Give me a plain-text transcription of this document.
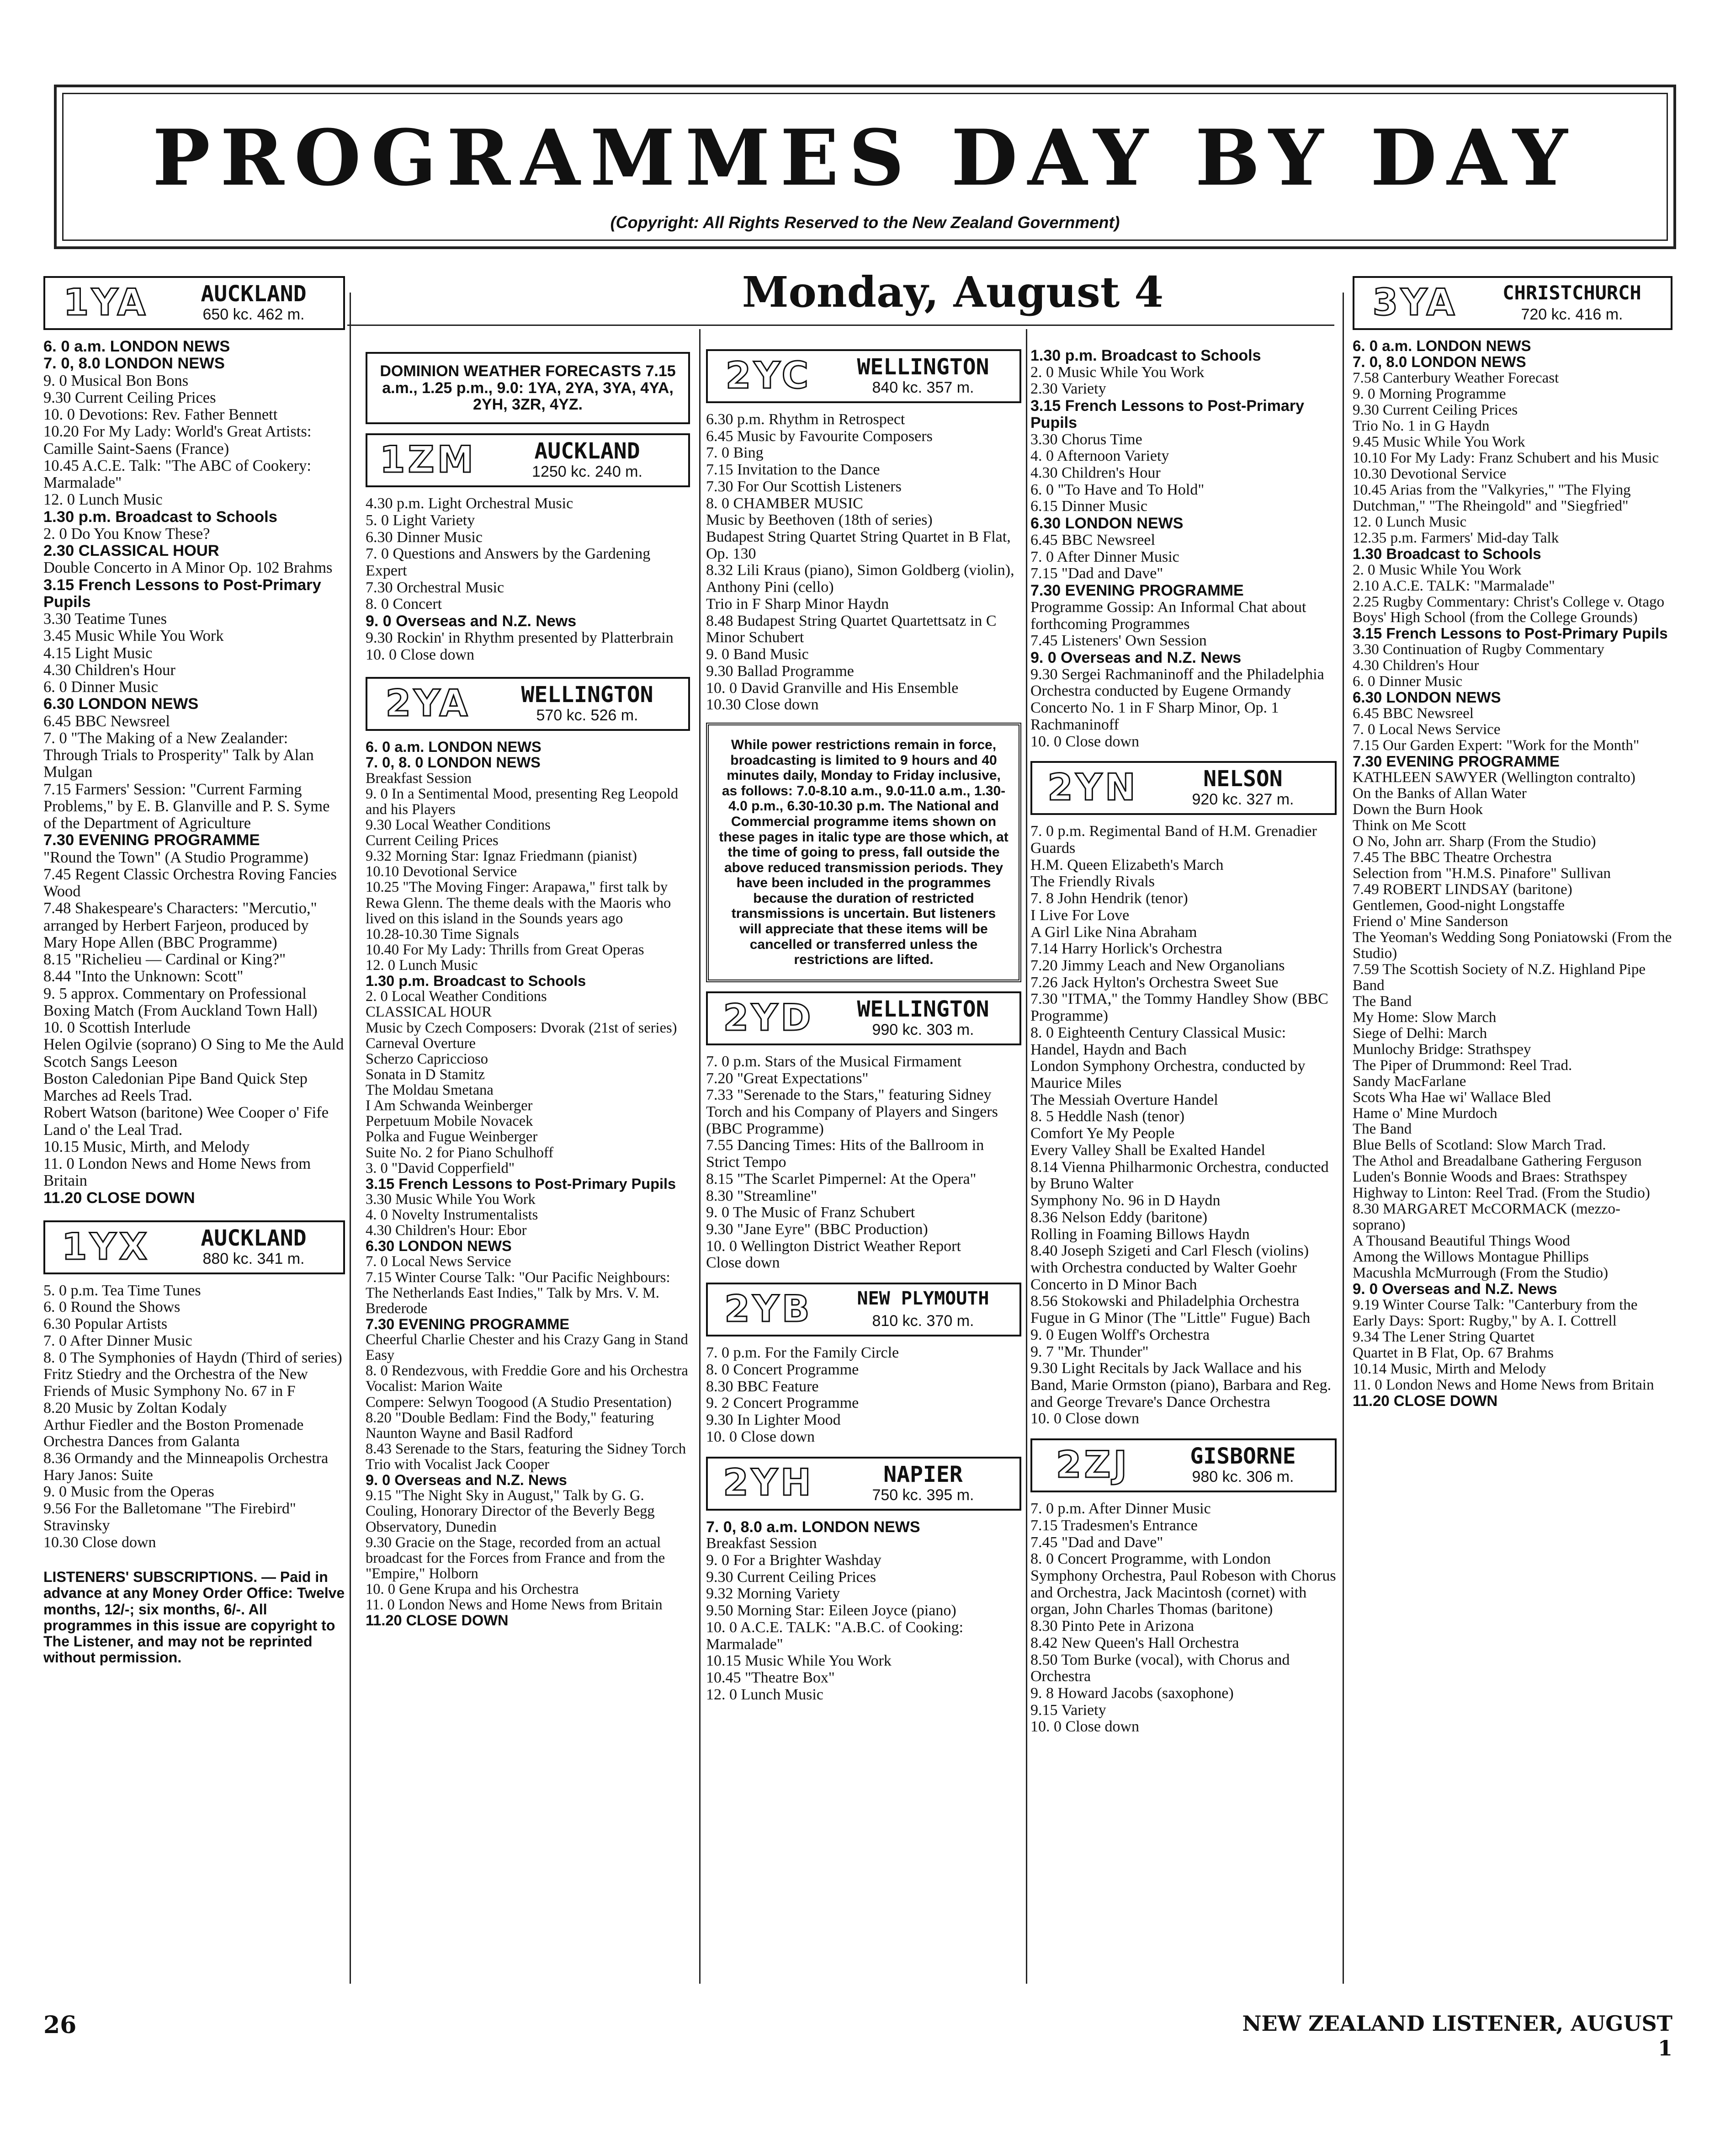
PROGRAMMES DAY BY DAY
(Copyright: All Rights Reserved to the New Zealand Government)
Monday, August 4
1YA	AUCKLAND
650 kc. 462 m.

6. 0 a.m. LONDON NEWS

7. 0, 8.0 LONDON NEWS

9. 0 Musical Bon Bons

9.30 Current Ceiling Prices

10. 0 Devotions: Rev. Father Bennett

10.20 For My Lady: World's Great Artists: Camille Saint-Saens (France)

10.45 A.C.E. Talk: "The ABC of Cookery: Marmalade"

12. 0 Lunch Music

1.30 p.m. Broadcast to Schools

2. 0 Do You Know These?

2.30 CLASSICAL HOUR

Double Concerto in A Minor Op. 102 Brahms

3.15 French Lessons to Post-Primary Pupils

3.30 Teatime Tunes

3.45 Music While You Work

4.15 Light Music

4.30 Children's Hour

6. 0 Dinner Music

6.30 LONDON NEWS

6.45 BBC Newsreel

7. 0 "The Making of a New Zealander: Through Trials to Prosperity" Talk by Alan Mulgan

7.15 Farmers' Session: "Current Farming Problems," by E. B. Glanville and P. S. Syme of the Department of Agriculture

7.30 EVENING PROGRAMME

"Round the Town" (A Studio Programme)

7.45 Regent Classic Orchestra Roving Fancies Wood

7.48 Shakespeare's Characters: "Mercutio," arranged by Herbert Farjeon, produced by Mary Hope Allen (BBC Programme)

8.15 "Richelieu — Cardinal or King?"

8.44 "Into the Unknown: Scott"

9. 5 approx. Commentary on Professional Boxing Match (From Auckland Town Hall)

10. 0 Scottish Interlude

Helen Ogilvie (soprano) O Sing to Me the Auld Scotch Sangs Leeson

Boston Caledonian Pipe Band Quick Step Marches ad Reels Trad.

Robert Watson (baritone) Wee Cooper o' Fife Land o' the Leal Trad.

10.15 Music, Mirth, and Melody

11. 0 London News and Home News from Britain

11.20 CLOSE DOWN

1YX	AUCKLAND
880 kc. 341 m.

5. 0 p.m. Tea Time Tunes

6. 0 Round the Shows

6.30 Popular Artists

7. 0 After Dinner Music

8. 0 The Symphonies of Haydn (Third of series)

Fritz Stiedry and the Orchestra of the New Friends of Music Symphony No. 67 in F

8.20 Music by Zoltan Kodaly

Arthur Fiedler and the Boston Promenade Orchestra Dances from Galanta

8.36 Ormandy and the Minneapolis Orchestra Hary Janos: Suite

9. 0 Music from the Operas

9.56 For the Balletomane "The Firebird" Stravinsky

10.30 Close down

LISTENERS' SUBSCRIPTIONS. — Paid in advance at any Money Order Office: Twelve months, 12/-; six months, 6/-. All programmes in this issue are copyright to The Listener, and may not be reprinted without permission.
DOMINION WEATHER FORECASTS 7.15 a.m., 1.25 p.m., 9.0: 1YA, 2YA, 3YA, 4YA, 2YH, 3ZR, 4YZ.
1ZM	AUCKLAND
1250 kc. 240 m.

4.30 p.m. Light Orchestral Music

5. 0 Light Variety

6.30 Dinner Music

7. 0 Questions and Answers by the Gardening Expert

7.30 Orchestral Music

8. 0 Concert

9. 0 Overseas and N.Z. News

9.30 Rockin' in Rhythm presented by Platterbrain

10. 0 Close down

2YA	WELLINGTON
570 kc. 526 m.

6. 0 a.m. LONDON NEWS

7. 0, 8. 0 LONDON NEWS

Breakfast Session

9. 0 In a Sentimental Mood, presenting Reg Leopold and his Players

9.30 Local Weather Conditions

Current Ceiling Prices

9.32 Morning Star: Ignaz Friedmann (pianist)

10.10 Devotional Service

10.25 "The Moving Finger: Arapawa," first talk by Rewa Glenn. The theme deals with the Maoris who lived on this island in the Sounds years ago

10.28-10.30 Time Signals

10.40 For My Lady: Thrills from Great Operas

12. 0 Lunch Music

1.30 p.m. Broadcast to Schools

2. 0 Local Weather Conditions

CLASSICAL HOUR

Music by Czech Composers: Dvorak (21st of series)

Carneval Overture

Scherzo Capriccioso

Sonata in D Stamitz

The Moldau Smetana

I Am Schwanda Weinberger

Perpetuum Mobile Novacek

Polka and Fugue Weinberger

Suite No. 2 for Piano Schulhoff

3. 0 "David Copperfield"

3.15 French Lessons to Post-Primary Pupils

3.30 Music While You Work

4. 0 Novelty Instrumentalists

4.30 Children's Hour: Ebor

6.30 LONDON NEWS

7. 0 Local News Service

7.15 Winter Course Talk: "Our Pacific Neighbours: The Netherlands East Indies," Talk by Mrs. V. M. Brederode

7.30 EVENING PROGRAMME

Cheerful Charlie Chester and his Crazy Gang in Stand Easy

8. 0 Rendezvous, with Freddie Gore and his Orchestra

Vocalist: Marion Waite

Compere: Selwyn Toogood (A Studio Presentation)

8.20 "Double Bedlam: Find the Body," featuring Naunton Wayne and Basil Radford

8.43 Serenade to the Stars, featuring the Sidney Torch Trio with Vocalist Jack Cooper

9. 0 Overseas and N.Z. News

9.15 "The Night Sky in August," Talk by G. G. Couling, Honorary Director of the Beverly Begg Observatory, Dunedin

9.30 Gracie on the Stage, recorded from an actual broadcast for the Forces from France and from the "Empire," Holborn

10. 0 Gene Krupa and his Orchestra

11. 0 London News and Home News from Britain

11.20 CLOSE DOWN

2YC	WELLINGTON
840 kc. 357 m.

6.30 p.m. Rhythm in Retrospect

6.45 Music by Favourite Composers

7. 0 Bing

7.15 Invitation to the Dance

7.30 For Our Scottish Listeners

8. 0 CHAMBER MUSIC

Music by Beethoven (18th of series)

Budapest String Quartet String Quartet in B Flat, Op. 130

8.32 Lili Kraus (piano), Simon Goldberg (violin), Anthony Pini (cello)

Trio in F Sharp Minor Haydn

8.48 Budapest String Quartet Quartettsatz in C Minor Schubert

9. 0 Band Music

9.30 Ballad Programme

10. 0 David Granville and His Ensemble

10.30 Close down

While power restrictions remain in force, broadcasting is limited to 9 hours and 40 minutes daily, Monday to Friday inclusive, as follows: 7.0-8.10 a.m., 9.0-11.0 a.m., 1.30-4.0 p.m., 6.30-10.30 p.m. The National and Commercial programme items shown on these pages in italic type are those which, at the time of going to press, fall outside the above reduced transmission periods. They have been included in the programmes because the duration of restricted transmissions is uncertain. But listeners will appreciate that these items will be cancelled or transferred unless the restrictions are lifted.
2YD	WELLINGTON
990 kc. 303 m.

7. 0 p.m. Stars of the Musical Firmament

7.20 "Great Expectations"

7.33 "Serenade to the Stars," featuring Sidney Torch and his Company of Players and Singers (BBC Programme)

7.55 Dancing Times: Hits of the Ballroom in Strict Tempo

8.15 "The Scarlet Pimpernel: At the Opera"

8.30 "Streamline"

9. 0 The Music of Franz Schubert

9.30 "Jane Eyre" (BBC Production)

10. 0 Wellington District Weather Report

Close down

2YB	NEW PLYMOUTH
810 kc. 370 m.

7. 0 p.m. For the Family Circle

8. 0 Concert Programme

8.30 BBC Feature

9. 2 Concert Programme

9.30 In Lighter Mood

10. 0 Close down

2YH	NAPIER
750 kc. 395 m.

7. 0, 8.0 a.m. LONDON NEWS

Breakfast Session

9. 0 For a Brighter Washday

9.30 Current Ceiling Prices

9.32 Morning Variety

9.50 Morning Star: Eileen Joyce (piano)

10. 0 A.C.E. TALK: "A.B.C. of Cooking: Marmalade"

10.15 Music While You Work

10.45 "Theatre Box"

12. 0 Lunch Music

1.30 p.m. Broadcast to Schools

2. 0 Music While You Work

2.30 Variety

3.15 French Lessons to Post-Primary Pupils

3.30 Chorus Time

4. 0 Afternoon Variety

4.30 Children's Hour

6. 0 "To Have and To Hold"

6.15 Dinner Music

6.30 LONDON NEWS

6.45 BBC Newsreel

7. 0 After Dinner Music

7.15 "Dad and Dave"

7.30 EVENING PROGRAMME

Programme Gossip: An Informal Chat about forthcoming Programmes

7.45 Listeners' Own Session

9. 0 Overseas and N.Z. News

9.30 Sergei Rachmaninoff and the Philadelphia Orchestra conducted by Eugene Ormandy Concerto No. 1 in F Sharp Minor, Op. 1 Rachmaninoff

10. 0 Close down

2YN	NELSON
920 kc. 327 m.

7. 0 p.m. Regimental Band of H.M. Grenadier Guards

H.M. Queen Elizabeth's March

The Friendly Rivals

7. 8 John Hendrik (tenor)

I Live For Love

A Girl Like Nina Abraham

7.14 Harry Horlick's Orchestra

7.20 Jimmy Leach and New Organolians

7.26 Jack Hylton's Orchestra Sweet Sue

7.30 "ITMA," the Tommy Handley Show (BBC Programme)

8. 0 Eighteenth Century Classical Music: Handel, Haydn and Bach

London Symphony Orchestra, conducted by Maurice Miles

The Messiah Overture Handel

8. 5 Heddle Nash (tenor)

Comfort Ye My People

Every Valley Shall be Exalted Handel

8.14 Vienna Philharmonic Orchestra, conducted by Bruno Walter

Symphony No. 96 in D Haydn

8.36 Nelson Eddy (baritone)

Rolling in Foaming Billows Haydn

8.40 Joseph Szigeti and Carl Flesch (violins) with Orchestra conducted by Walter Goehr

Concerto in D Minor Bach

8.56 Stokowski and Philadelphia Orchestra

Fugue in G Minor (The "Little" Fugue) Bach

9. 0 Eugen Wolff's Orchestra

9. 7 "Mr. Thunder"

9.30 Light Recitals by Jack Wallace and his Band, Marie Ormston (piano), Barbara and Reg. and George Trevare's Dance Orchestra

10. 0 Close down

2ZJ	GISBORNE
980 kc. 306 m.

7. 0 p.m. After Dinner Music

7.15 Tradesmen's Entrance

7.45 "Dad and Dave"

8. 0 Concert Programme, with London Symphony Orchestra, Paul Robeson with Chorus and Orchestra, Jack Macintosh (cornet) with organ, John Charles Thomas (baritone)

8.30 Pinto Pete in Arizona

8.42 New Queen's Hall Orchestra

8.50 Tom Burke (vocal), with Chorus and Orchestra

9. 8 Howard Jacobs (saxophone)

9.15 Variety

10. 0 Close down

3YA	CHRISTCHURCH
720 kc. 416 m.

6. 0 a.m. LONDON NEWS

7. 0, 8.0 LONDON NEWS

7.58 Canterbury Weather Forecast

9. 0 Morning Programme

9.30 Current Ceiling Prices

Trio No. 1 in G Haydn

9.45 Music While You Work

10.10 For My Lady: Franz Schubert and his Music

10.30 Devotional Service

10.45 Arias from the "Valkyries," "The Flying Dutchman," "The Rheingold" and "Siegfried"

12. 0 Lunch Music

12.35 p.m. Farmers' Mid-day Talk

1.30 Broadcast to Schools

2. 0 Music While You Work

2.10 A.C.E. TALK: "Marmalade"

2.25 Rugby Commentary: Christ's College v. Otago Boys' High School (from the College Grounds)

3.15 French Lessons to Post-Primary Pupils

3.30 Continuation of Rugby Commentary

4.30 Children's Hour

6. 0 Dinner Music

6.30 LONDON NEWS

6.45 BBC Newsreel

7. 0 Local News Service

7.15 Our Garden Expert: "Work for the Month"

7.30 EVENING PROGRAMME

KATHLEEN SAWYER (Wellington contralto)

On the Banks of Allan Water

Down the Burn Hook

Think on Me Scott

O No, John arr. Sharp (From the Studio)

7.45 The BBC Theatre Orchestra

Selection from "H.M.S. Pinafore" Sullivan

7.49 ROBERT LINDSAY (baritone)

Gentlemen, Good-night Longstaffe

Friend o' Mine Sanderson

The Yeoman's Wedding Song Poniatowski (From the Studio)

7.59 The Scottish Society of N.Z. Highland Pipe Band

The Band

My Home: Slow March

Siege of Delhi: March

Munlochy Bridge: Strathspey

The Piper of Drummond: Reel Trad.

Sandy MacFarlane

Scots Wha Hae wi' Wallace Bled

Hame o' Mine Murdoch

The Band

Blue Bells of Scotland: Slow March Trad.

The Athol and Breadalbane Gathering Ferguson

Luden's Bonnie Woods and Braes: Strathspey

Highway to Linton: Reel Trad. (From the Studio)

8.30 MARGARET McCORMACK (mezzo-soprano)

A Thousand Beautiful Things Wood

Among the Willows Montague Phillips

Macushla McMurrough (From the Studio)

9. 0 Overseas and N.Z. News

9.19 Winter Course Talk: "Canterbury from the Early Days: Sport: Rugby," by A. I. Cottrell

9.34 The Lener String Quartet

Quartet in B Flat, Op. 67 Brahms

10.14 Music, Mirth and Melody

11. 0 London News and Home News from Britain

11.20 CLOSE DOWN

26	NEW ZEALAND LISTENER, AUGUST 1
